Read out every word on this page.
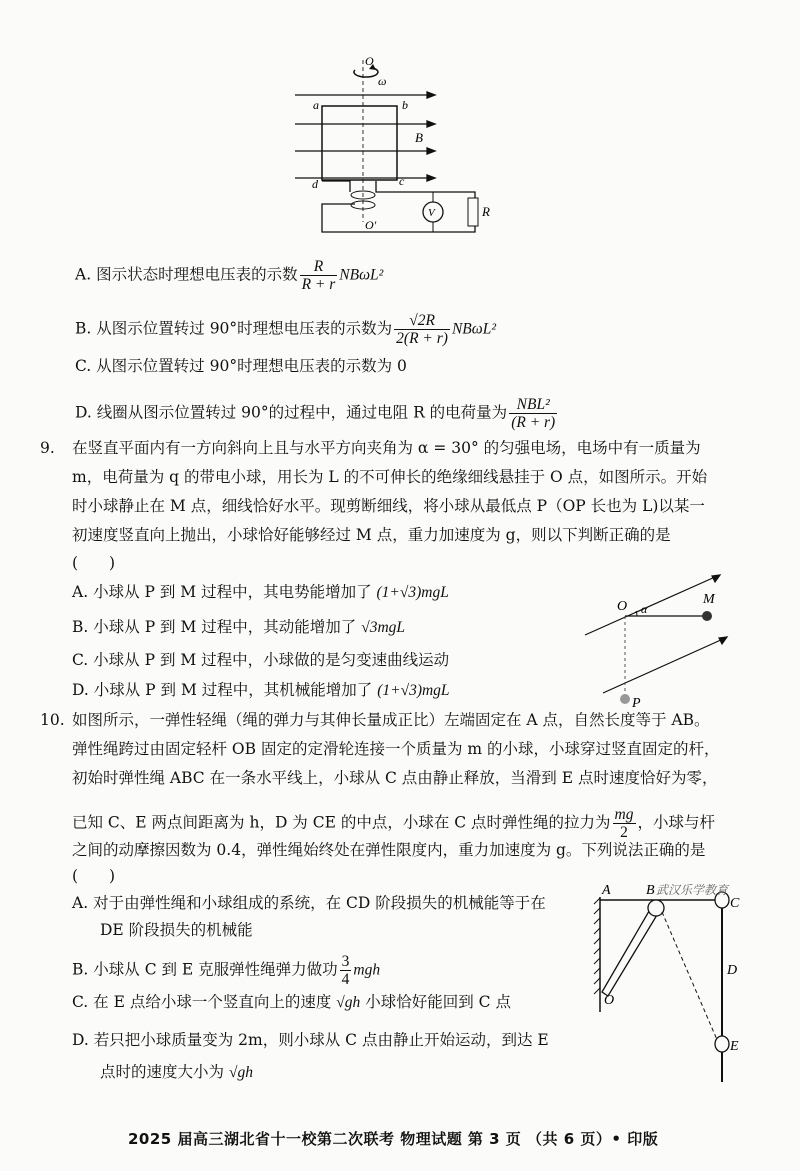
O
ω
a	b
c
d
B
O'
V	R
A. 图示状态时理想电压表的示数 $\frac{R}{R + r} NB\omega L^2$
B. 从图示位置转过 90°时理想电压表的示数为 $\frac{√2R}{2(R + r)} NB\omega L^2$
C. 从图示位置转过 90°时理想电压表的示数为 0
D. 线圈从图示位置转过 90°的过程中，通过电阻 R 的电荷量为 $\frac{\text{NBL²}}{(R + r)}$
9. 在竖直平面内有一方向斜向上且与水平方向夹角为 α = 30° 的匀强电场，电场中有一质量为
m，电荷量为 q 的带电小球，用长为 L 的不可伸长的绝缘细线悬挂于 O 点，如图所示。开始
时小球静止在 M 点，细线恰好水平。现剪断细线，将小球从最低点 P（OP 长也为 L)以某一
初速度竖直向上抛出，小球恰好能够经过 M 点，重力加速度为 g，则以下判断正确的是
(　　)
A. 小球从 P 到 M 过程中，其电势能增加了 (1+√3)mgL
B. 小球从 P 到 M 过程中，其动能增加了 √3mgL
C. 小球从 P 到 M 过程中，小球做的是匀变速曲线运动
D. 小球从 P 到 M 过程中，其机械能增加了 (1+√3)mgL
O α
M
P
10. 如图所示，一弹性轻绳（绳的弹力与其伸长量成正比）左端固定在 A 点，自然长度等于 AB。
弹性绳跨过由固定轻杆 OB 固定的定滑轮连接一个质量为 m 的小球，小球穿过竖直固定的杆，
初始时弹性绳 ABC 在一条水平线上，小球从 C 点由静止释放，当滑到 E 点时速度恰好为零，
已知 C、E 两点间距离为 h，D 为 CE 的中点，小球在 C 点时弹性绳的拉力为 $\frac{mg}{2}$ ，小球与杆
之间的动摩擦因数为 0.4，弹性绳始终处在弹性限度内，重力加速度为 g。下列说法正确的是
(　　)
A. 对于由弹性绳和小球组成的系统，在 CD 阶段损失的机械能等于在
DE 阶段损失的机械能
B. 小球从 C 到 E 克服弹性绳弹力做功 $\frac{3}{4}$ mgh
C. 在 E 点给小球一个竖直向上的速度 √gh 小球恰好能回到 C 点
D. 若只把小球质量变为 2m，则小球从 C 点由静止开始运动，到达 E
点时的速度大小为 √gh
A	B 武汉乐学教育
C
O
D
E
2025 届高三湖北省十一校第二次联考 物理试题 第 3 页 （共 6 页）• 印版
